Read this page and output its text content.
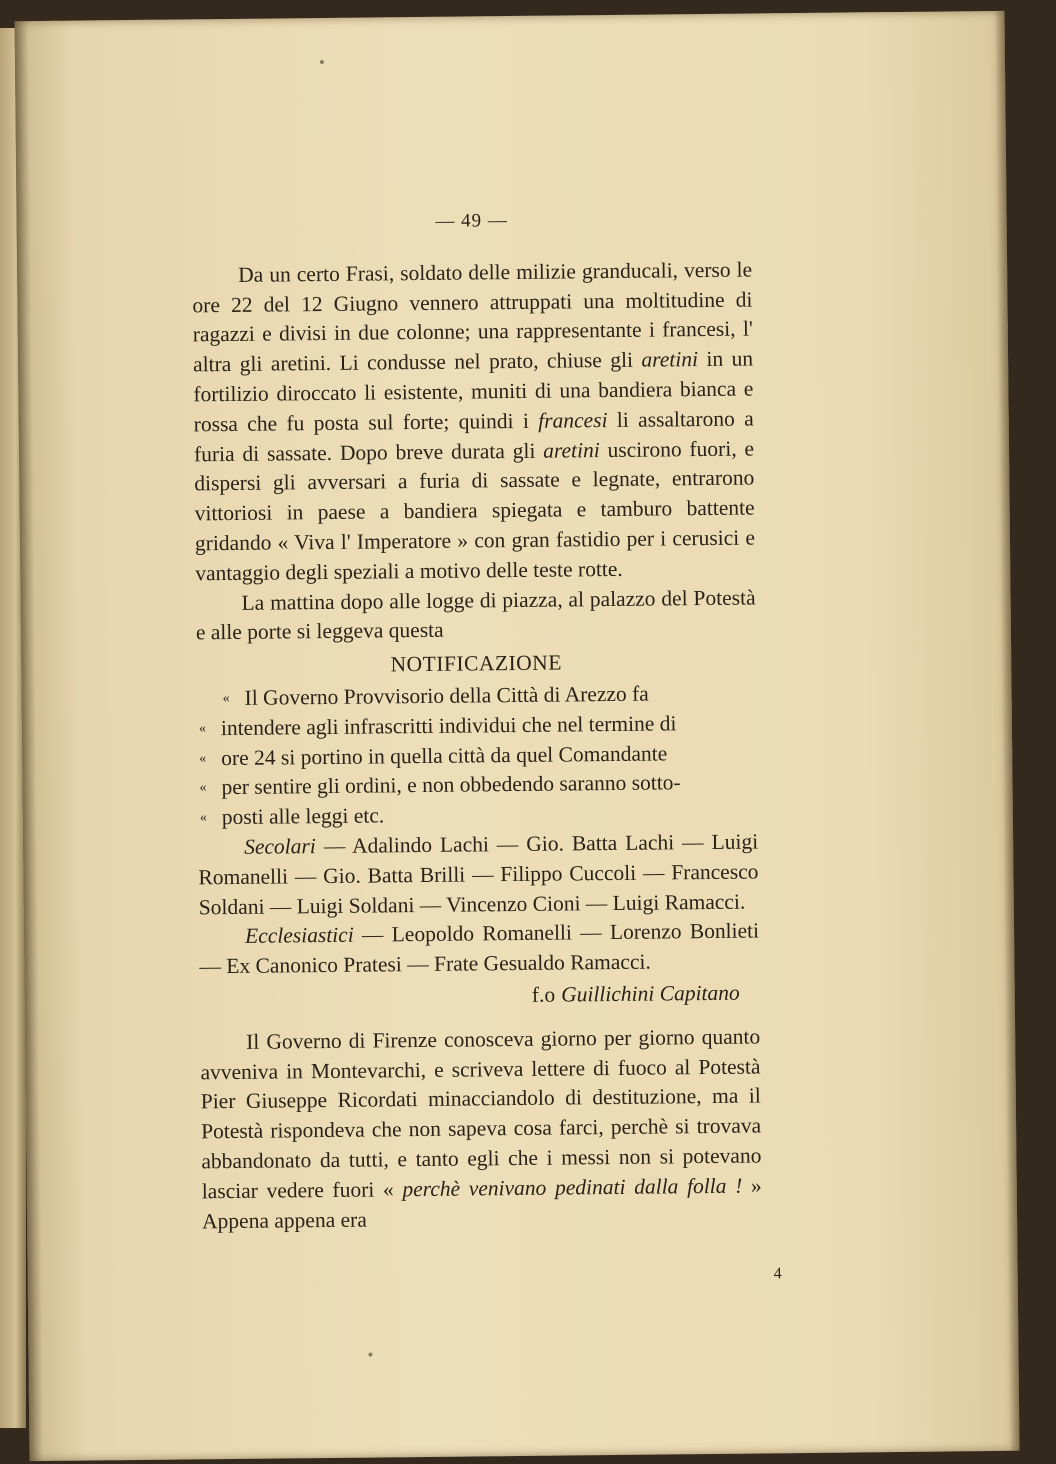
— 49 —

Da un certo Frasi, soldato delle milizie granducali, verso le ore 22 del 12 Giugno vennero attruppati una moltitudine di ragazzi e divisi in due colonne; una rappresentante i francesi, l' altra gli aretini. Li condusse nel prato, chiuse gli aretini in un fortilizio diroccato li esistente, muniti di una bandiera bianca e rossa che fu posta sul forte; quindi i francesi li assaltarono a furia di sassate. Dopo breve durata gli aretini uscirono fuori, e dispersi gli avversari a furia di sassate e legnate, entrarono vittoriosi in paese a bandiera spiegata e tamburo battente gridando « Viva l' Imperatore » con gran fastidio per i cerusici e vantaggio degli speziali a motivo delle teste rotte.

La mattina dopo alle logge di piazza, al palazzo del Potestà e alle porte si leggeva questa

NOTIFICAZIONE
« Il Governo Provvisorio della Città di Arezzo fa
« intendere agli infrascritti individui che nel termine di
« ore 24 si portino in quella città da quel Comandante
« per sentire gli ordini, e non obbedendo saranno sotto-
« posti alle leggi etc.

Secolari — Adalindo Lachi — Gio. Batta Lachi — Luigi Romanelli — Gio. Batta Brilli — Filippo Cuccoli — Francesco Soldani — Luigi Soldani — Vincenzo Cioni — Luigi Ramacci.

Ecclesiastici — Leopoldo Romanelli — Lorenzo Bonlieti — Ex Canonico Pratesi — Frate Gesualdo Ramacci.

f.o Guillichini Capitano

Il Governo di Firenze conosceva giorno per giorno quanto avveniva in Montevarchi, e scriveva lettere di fuoco al Potestà Pier Giuseppe Ricordati minacciandolo di destituzione, ma il Potestà rispondeva che non sapeva cosa farci, perchè si trovava abbandonato da tutti, e tanto egli che i messi non si potevano lasciar vedere fuori « perchè venivano pedinati dalla folla ! » Appena appena era

4
